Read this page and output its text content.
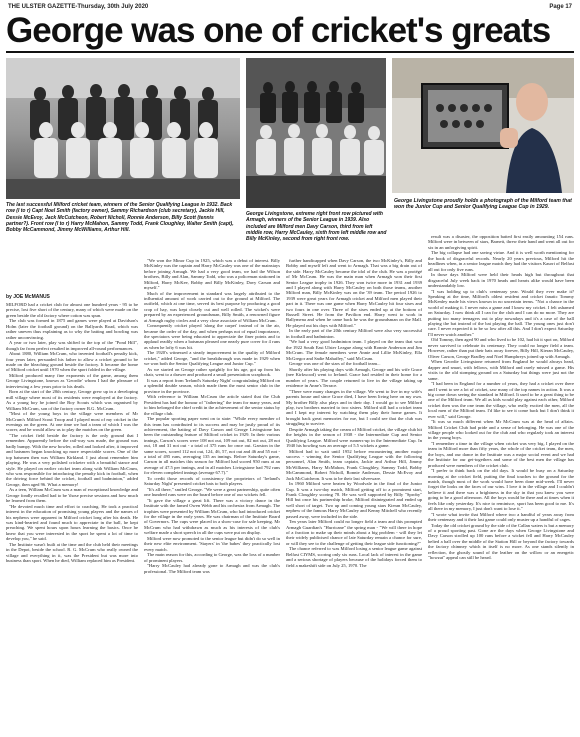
THE ULSTER GAZETTE-Thursday, 30th July 2020	Page 17
George was one of cricket's greats
The last successful Milford cricket team, winners of the Senior Qualifying League in 1932. Back row (l to r) Capt Noel Smith (factory owner), Sammy Richardson (club secretary), Jackie Hill, Dessie McEvoy, Jack McCutcheon, Robert Nicholl, Ronnie Anderson, Billy Scott (tennis partner?). Front row (l to r) Harry McMahon, Sammy Todd, Frank Cloughley, Walter Smith (capt), Bobby McCammond, Jimmy McWilliams, Arthur Hill.
George Livingstone, extreme right front row pictured with Armagh, winners of the Senior League in 1939. Also included are Milford men Davy Carson, third from left middle row, Harry McCauley, sixth from left middle row and Billy McKinley, second from right front row.
George Livingstone proudly holds a photograph of the Milford team that won the Junior Cup and Senior Qualifying League Cup in 1929.
by JOE McMANUS

MILFORD had a cricket club for almost one hundred years - 95 to be precise, lost five short of the century, many of which were made on the green beside the old factory where cotton was spun.

The club was formed in 1875 and games were played at Davidson's Holm (later the football ground) on the Ballyards Road, which was rather uneven thus explaining as to why the batting and bowling was rather unconvincing.

A year or two later, play was shifted to the top of the "Pond Hill", though far from perfect resulted in improved all-round performances.

About 1880, William McCrum, who invented football's penalty kick, four years later, persuaded his father to allow a cricket ground to be made on the bleaching ground beside the factory. It became the home of Milford cricket until 1970 when the sport folded in the village.

Milford produced many fine exponents of the game, among them George Livingstone, known as 'Geordie' whom I had the pleasure of interviewing a few years prior to his death.

Born at the start of the 20th century, George grew up in a developing mill village where most of its residents were employed at the factory. As a young boy he joined the Boy Scouts which was organised by William McCrum, son of the factory owner R.G. McCrum.

"Most of the young boys in the village were members of Mr McCrum's Milford Scout Troop and I played most of my cricket in the evenings on the green. At one time we had a team of which I was the scorer, and he would allow us to play the matches on the green.

"The cricket field beside the factory is the only ground that I remember. Apparently before the rail-way was made, the ground was badly bumpy. With the new bowler, rolled and looked after, it improved and batsmen began knocking up more respectable scores. One of the top batsmen then was William Kirkland. I just about remember him playing. He was a very polished cricketer with a beautiful stance and style. He played on earlier cricket team along with William McCrum, who was responsible for introducing the penalty kick in football, when the driving force behind the cricket, football and badminton," added George, then aged 96. What a memory!

As a teen, William McCrum was a man of exceptional knowledge and George fondly recalled had to be 'those precise sessions and how much he learned from them.

"He devoted much time and effort to coaching. He took a practical interest in the education of promising young players and the names of his nephews were apparent in Milford cricket long after his death. He was kind-hearted and found much to appreciate in the ball, he kept preaching. We spent hours upon hours learning the basics. Once he knew that you were interested in the sport he spent a lot of time to develop you," he said.

The Institute wasn't built at the time and the club held their meetings in the Depot, beside the school. R. G. McCrum who really owned the village and everything in it, was the President but was more into business than sport. When he died, William replaced him as President.

"We won the Minor Cup in 1925, which was a debut of interest. Billy McKinley was the captain and Harry McCauley was one of the mainstays before joining Armagh. We had a very good team, we had the Wilson brothers, Billy and Alan, Sammy Todd, who was a policeman stationed in Milford, Harry McKee, Bobby and Billy McKinley, Davy Carson and myself."

Much of the improvement in standard was largely attributed to the influential amount of work carried out to the ground at Milford. The outfield, which at one time, served its best purpose by producing a good crop of hay, was kept closely cut and well rolled. The wicket's were prepared by an experienced groundsman, Billy Smith, a renowned figure at Armagh rugby circles and a very close associate of William McCrum.

Consequently cricket played 'along the carpet' instead of in the air, became the order of the day, and when perhaps not of equal importance, the spectators were being educated to appreciate the finer points and to applaud readily when a batsman pleased one nearly pure cover for 4 runs as when he lofty 6 was hit.

The 1920's witnessed a steady improvement in the quality of Milford cricket," added George, "and the breakthrough was made in 1929 when we won both the Senior Qualifying League and Junior Cup."

As we started on George rather sprightly for his age, got up from his chair, went to a drawer and produced a small presentation scrapbook.

It was a report from 'Ireland's Saturday Night' congratulating Milford on a splendid double season, which made them the most senior club in the province in the province.

With reference to William McCrum the article stated that the Club President has had the honour of "fathering" the team for many years, and to him belonged the chief credit in the achievement of the senior status by the village club.

The popular sporting paper went on to state: "While every member of this team has contributed to its success and may be justly proud of its achievement, the batting of Davy Carson and George Livingstone has been the outstanding feature of Milford cricket in 1929. In their various innings, Carson's scores were 108 not out, 109 not out, 82 not out, 28 not out, 18 and 31 not out - a total of 375 runs for once out. Garston in the same scores, scored 112 not out, 124, 46, 57, not out and 46 and 55 not - a total of 495 runs, averaging 135 an innings. Before Saturday's game, Carson in all matches this season for Milford had scored 950 runs at an average of 47.5 per innings, and in all matches Livingstone had 792 runs for eleven completed innings (average 67.7)."

To credit those records of consistency the proprietors of 'Ireland's Saturday Night' presented cricket bats to both players.

"It's all there," smiled George. "We were a great partnership, quite often one hundred runs were on the board before one of our wickets fell.

"It gave the village a great lift. There was a victory dance in the Institute with the famed Owen Webb and his orchestra from Armagh. The trophies were presented by William McCrum, who had introduced cricket for the village in the early years. He was chairman of the Institute Board of Governors. The cups were placed in a show-case for sale keeping. Mr McCrum who had withdrawn as much as his interests of the club's welfare made a short speech in all the cups were put on display.

Milford were now promoted to the senior league but didn't do so well in their new elite environment. 'Stayers' in 'the babes' they practically lost every match.

The main reason for this, according to George, was the loss of a number of prominent players.

"Harry McCauley had already gone to Armagh and was the club's professional. The Milford team was

further handicapped when Davy Carson, the two McKinley's, Billy and Bobby and myself left and went to Armagh. That was a big drain out of the side. Harry McCauley became the idol of the club. He was a protégé of Mr McCrum. He was the main man when Armagh won their first Senior League trophy in 1926. They won twice more in 1931 and 1939 and I played along with Harry McCauley on both those teams, another Milford man, Billy McKinley was on the '39 team. The period 1926 to 1939 were great years for Armagh cricket and Milford men played their part in it. There was one game when Harry McCauley hit four sixes and two fours in one over. Three of the sixes ended up at the bottom of Russell Street. He from the Pavilion end. Harry went to work in Ballymena and when he came back he was the groundsman on the Mall. He played out his days with Milford."

In the early part of the 20th century Milford were also very successful in football and badminton.

"We had a very good badminton team. I played on the team that won the 1922 South East Ulster League along with Ronnie Anderson and Jim McCrum. The female members were Annie and Lillie McKinley, Ella McGregor and Sadie Mahaffey," said McCrum.

George was one of the stars of the football team...

Shortly after his playing days with Armagh, George and his wife Grace (nee Kirkwood) went to Ireland. Grace had resided in their home for a number of years. The couple returned to live in the village taking up residence in Anne's Terrace.

"There were many changes in the village. We went to live in my wife's parents house and since Grace died, I have been living here on my own. My brother Billy also plays and in their day. I would go to see Milford play, two brothers married to two sisters. Milford still had a cricket team and I kept my interest by watching them play their home games. It brought back great memories for me, but I could see that the club was struggling to survive.

Despite Armagh taking the cream of Milford cricket, the village club hit the heights in the season of 1938 - the Intermediate Cup and Senior Qualifying League. Milford were runners-up in the Intermediate Cup. In 1940 his bowling was an average of 5.5 wickets a game.

Milford had to wait until 1952 before encountering another major success - winning the Senior Qualifying League with the following personnel, Alan Smith, team captain, Jackie and Arthur Hill, Jimmy McWilliams, Harry McMahon, Frank Cloughley, Sammy Todd, Bobby McCammond, Robert Nicholl, Ronnie Anderson, Dessie McEvoy and Jack McCutcheon. It was to be their last silverware.

In 1960 Milford were beaten by Woodvale in the final of the Junior Cup. It was a two-day match, Milford getting off to a prominent start, Frank Cloughley scoring 78. He was well supported by Billy "Sproby" Hill but once his partnership broke, Milford disintegrated and ended up well short of target. Two up and coming young stars Kieran McCauley, nephew of the famous Harry McCauley and Kenny Mitchell who recently passed away, were included in the side.

Ten years later Milford could no longer field a team and this prompted Armagh Guardian's "Hurricane" the spring man - "We will there in hope of a fraction to make up their minds about a big problem - will they let their widely publicised chance of late Saturday remain a chance for sure, or will they see to the challenge of getting their league side functioning?"

The chance referred to was Milford losing a senior league game against Belfast CIYMS, scoring only six runs. Local lack of interest in the game and a serious shortage of players because of the holidays forced them to field a makeshift side on July 25, 1970. The

result was a disaster, the opposition batted first easily amounting 154 runs. Milford were in between of stars, Barnett, threw their hand and went all out for six in an unforgiving spirit.

The big collapse had one saving virtue. And it is well worth mentioning for the book of disgraceful records. Nearly 20 years previous, Milford hit the headlines when, in a senior league match they had the visitors Kaurri of Belfast all out for only five runs.

In those days Milford were held their heads high but throughout that disgraceful July week back in 1970 heads and hearts alike would have been understandably low.

"I was holding up to club's centenary year. Would they ever make it? Speaking at the time, Milford's oldest resident and cricket fanatic Tommy McKenley made his views known in no uncertain terms. "Not a chance in the world of making it. I never miss a game and I know my cricket. I felt ashamed on Saturday. I now think all I can for the club and I can do no more. They are putting too many teenagers out to play nowadays and it's a case of the ball playing the bat instead of the bat playing the ball. The young ones just don't care. I never expected it to be so low after all this. And I don't expect Saturday I'll never watch another."

Old Tommy, then aged 90 and who lived to be 102, had hit it spot on, Milford never survived to celebrate its centenary. They could no longer field a team. However, rather than put their bats away forever, Billy Hill, Kieran McCauley, Oliver Carson, George Bradley and Noel Humphreys joined up with Armagh.

When Geordie Livingstone returned from England he would always head, dapper and smart, with fellows, with Milford and rarely missed a game. His visits to the old stomping ground on a Saturday but things were just not the same.

"I had been in England for a number of years, they had a cricket over there and I went to see a lot of cricket, saw many of the top names in action. It was a big come down seeing the standard in Milford. It used to be a great thing to be one of the Milford team. We all as kids would play against each other, Milford cricket then was the one team the village, who really excited the men, all the local men of the Milford team. I'd like to see it come back but I don't think it ever will," said George.

"It was so much different when Mr McCrum was at the head of affairs. Milford Cricket Club had pride and a sense of belonging. He was one of the village people who looked out for the club and who regularly took an interest in the young boys.

"I remember a time in the village when cricket was very big, I played on the team in Milford more than fifty years, the whole of the cricket team, the men, the boys, and our dance in the Institute was a major social event and we had the Institute for our get-togethers and some of the best men the village has produced were members of the cricket club.

"I prefer to think back on the old days. It would be busy on a Saturday morning at the cricket field, putting the final touches to the ground for the match, though most of the work would have been done mid-week. I'll never forget the looks on the faces of our wins. I love it in the village and I couldn't believe it and there was a brightness in the sky in that you knew you were going to be a good afternoon. All the boys would be there and at times when it feels like only yesterday. It's nice to reminisce, sport has been good to me. It's all there in my memory, I just don't want to lose it."

"I wrote what invite that Milford where two a handful of years away from their centenary and it their last game could only muster up a handful of cages.

Today the old cricket ground by the side of the Callan waters is but a memory of a proud sporting past. Gone are the days when George Livingstone and Davy Carson strolled up 100 runs before a wicket fell and Harry McCauley belted a ball over the middle of the Station Hill or beyond the factory towards the factory chimney which in itself is no more. As one stands silently in reflection, the ghostly sound of the leather on the willow or an energetic "howzat" appeal can still be heard.
